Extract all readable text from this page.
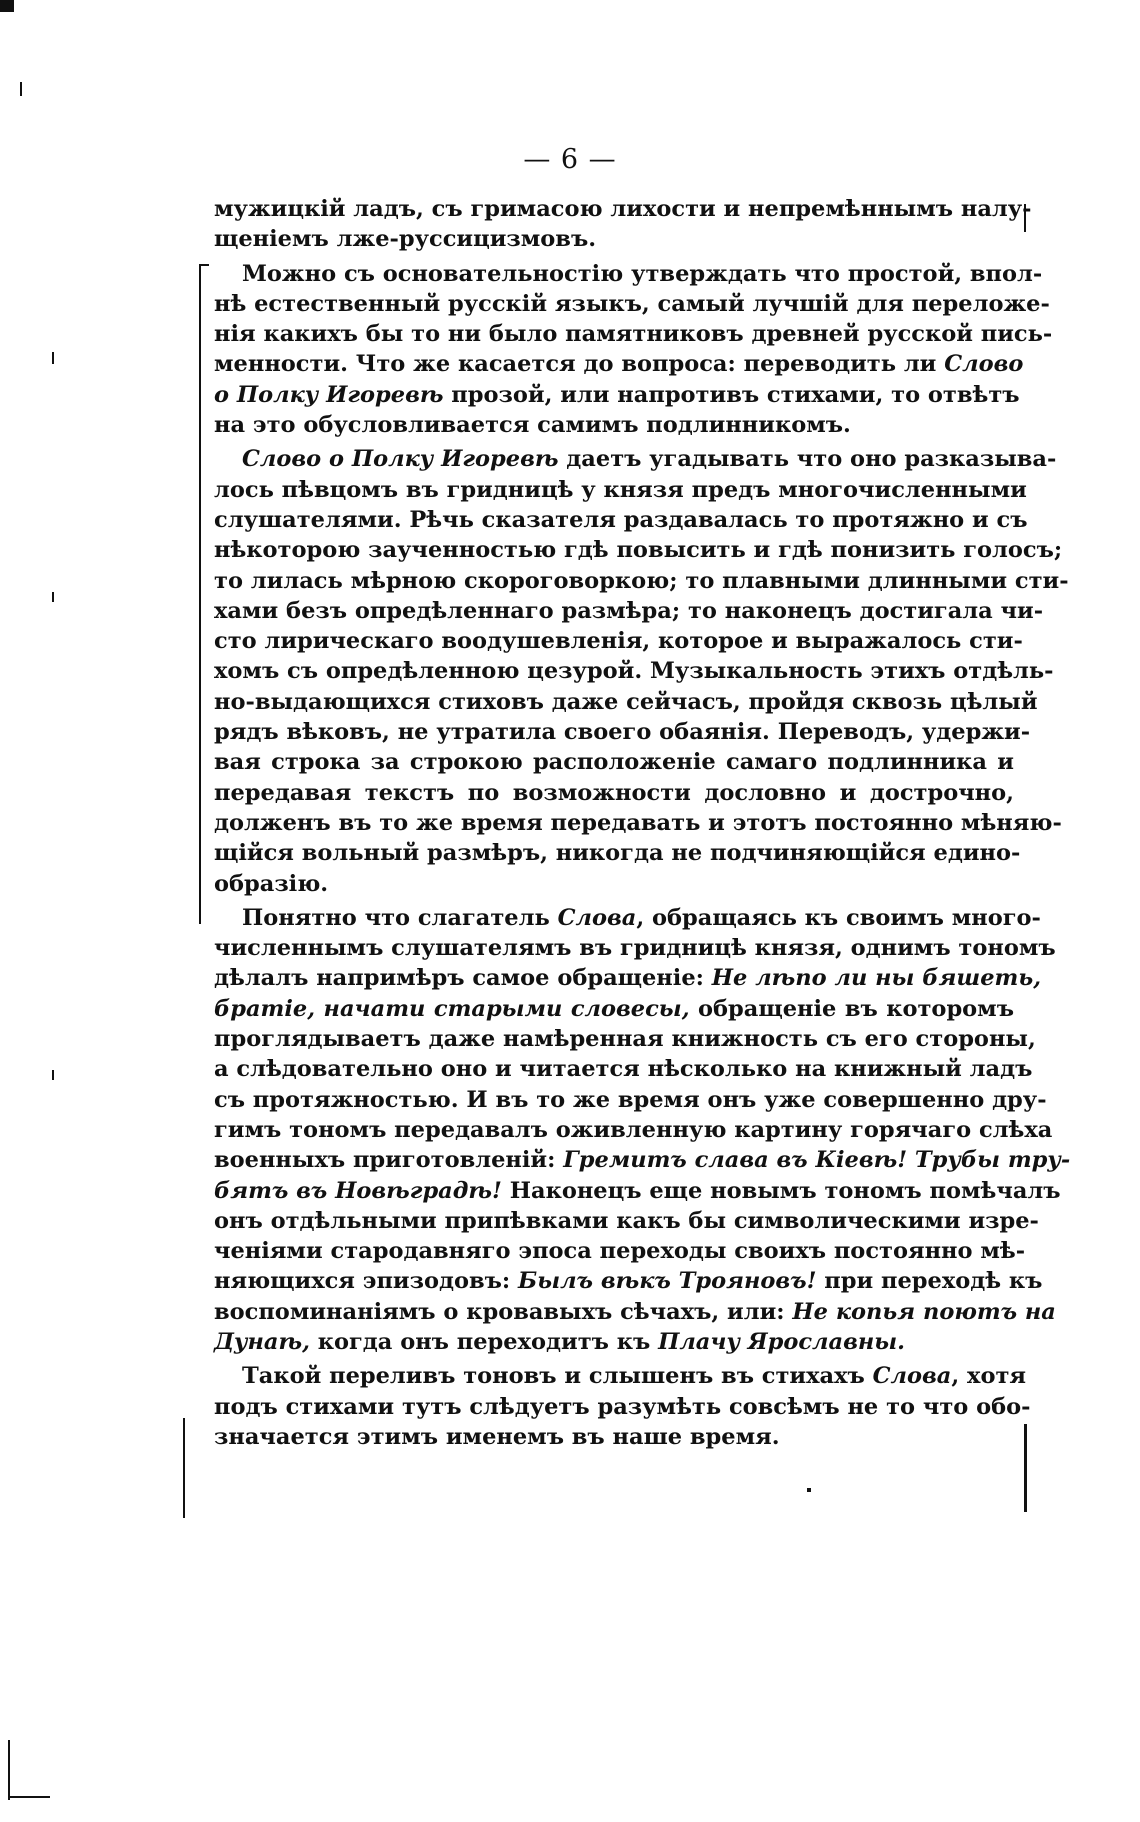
— 6 —
мужицкій ладъ, съ гримасою лихости и непремѣннымъ нaлу-
щеніемъ лже-руссицизмовъ.
Можно съ основательностію утверждать что простой, впол-
нѣ естественный русскій языкъ, самый лучшій для переложе-
нія какихъ бы то ни было памятниковъ древней русской пись-
менности. Что же касается до вопроса: переводить ли Слово
о Полку Игоревѣ прозой, или напротивъ стихами, то отвѣтъ
на это обусловливается самимъ подлинникомъ.
Слово о Полку Игоревѣ даетъ угадывать что оно разказыва-
лось пѣвцомъ въ гридницѣ у князя предъ многочисленными
слушателями. Рѣчь сказателя раздавалась то протяжно и съ
нѣкоторою заученностью гдѣ повысить и гдѣ понизить голосъ;
то лилась мѣрною скороговоркою; то плавными длинными сти-
хами безъ опредѣленнаго размѣра; то наконецъ достигала чи-
сто лирическаго воодушевленія, которое и выражалось сти-
хомъ съ опредѣленною цезурой. Музыкальность этихъ отдѣль-
но-выдающихся стиховъ даже сейчасъ, пройдя сквозь цѣлый
рядъ вѣковъ, не утратила своего обаянія. Переводъ, удержи-
вая строка за строкою расположеніе самаго подлинника и
передавая текстъ по возможности дословно и дострочно,
долженъ въ то же время передавать и этотъ постоянно мѣняю-
щійся вольный размѣръ, никогда не подчиняющійся едино-
образію.
Понятно что слагатель Слова, обращаясь къ своимъ много-
численнымъ слушателямъ въ гридницѣ князя, однимъ тономъ
дѣлалъ напримѣръ самое обращеніе: Не лѣпо ли ны бяшеть,
братіе, начати старыми словесы, обращеніе въ которомъ
проглядываетъ даже намѣренная книжность съ его стороны,
а слѣдовательно оно и читается нѣсколько на книжный ладъ
съ протяжностью. И въ то же время онъ уже совершенно дру-
гимъ тономъ передавалъ оживленную картину горячаго слѣха
военныхъ приготовленій: Гремитъ слава въ Кіевѣ! Трубы тру-
бятъ въ Новѣградѣ! Наконецъ еще новымъ тономъ помѣчалъ
онъ отдѣльными припѣвками какъ бы символическими изре-
ченіями стародавняго эпоса переходы своихъ постоянно мѣ-
няющихся эпизодовъ: Былъ вѣкъ Трояновъ! при переходѣ къ
воспоминаніямъ о кровавыхъ сѣчахъ, или: Не копья поютъ на
Дунаѣ, когда онъ переходитъ къ Плачу Ярославны.
Такой переливъ тоновъ и слышенъ въ стихахъ Слова, хотя
подъ стихами тутъ слѣдуетъ разумѣть совсѣмъ не то что обо-
значается этимъ именемъ въ наше время.
